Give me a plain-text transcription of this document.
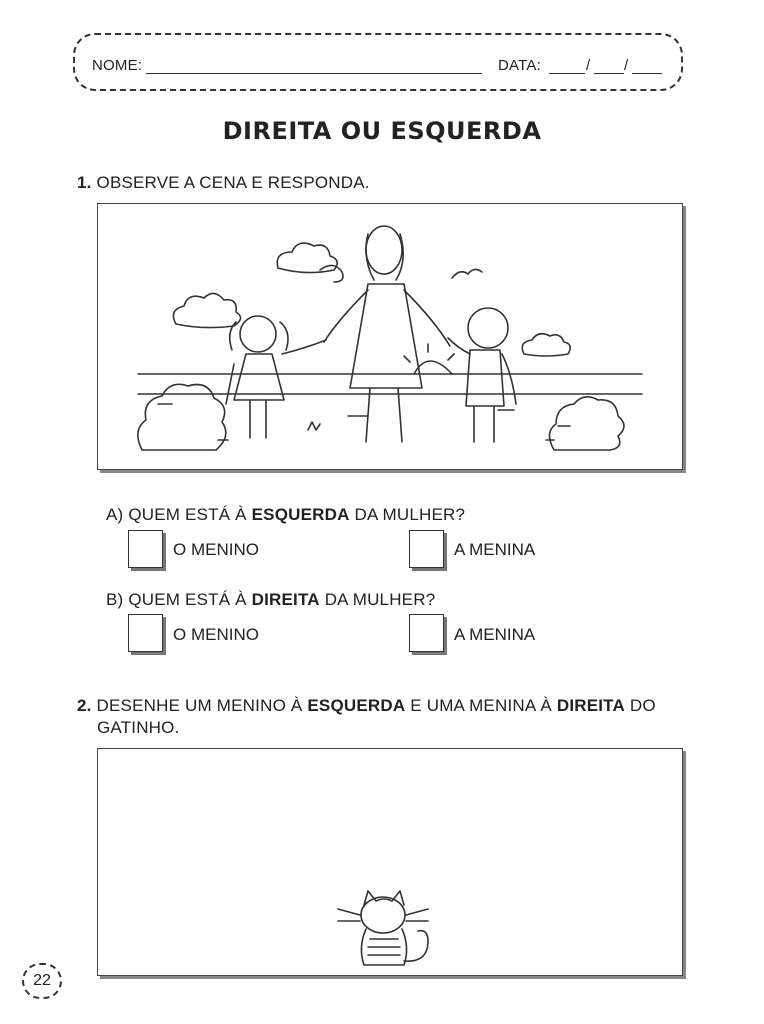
NOME:	DATA:	/ /
DIREITA OU ESQUERDA
1. OBSERVE A CENA E RESPONDA.
A) QUEM ESTÁ À ESQUERDA DA MULHER?
O MENINO	A MENINA
B) QUEM ESTÁ À DIREITA DA MULHER?
O MENINO	A MENINA
2. DESENHE UM MENINO À ESQUERDA E UMA MENINA À DIREITA DO
GATINHO.
22
